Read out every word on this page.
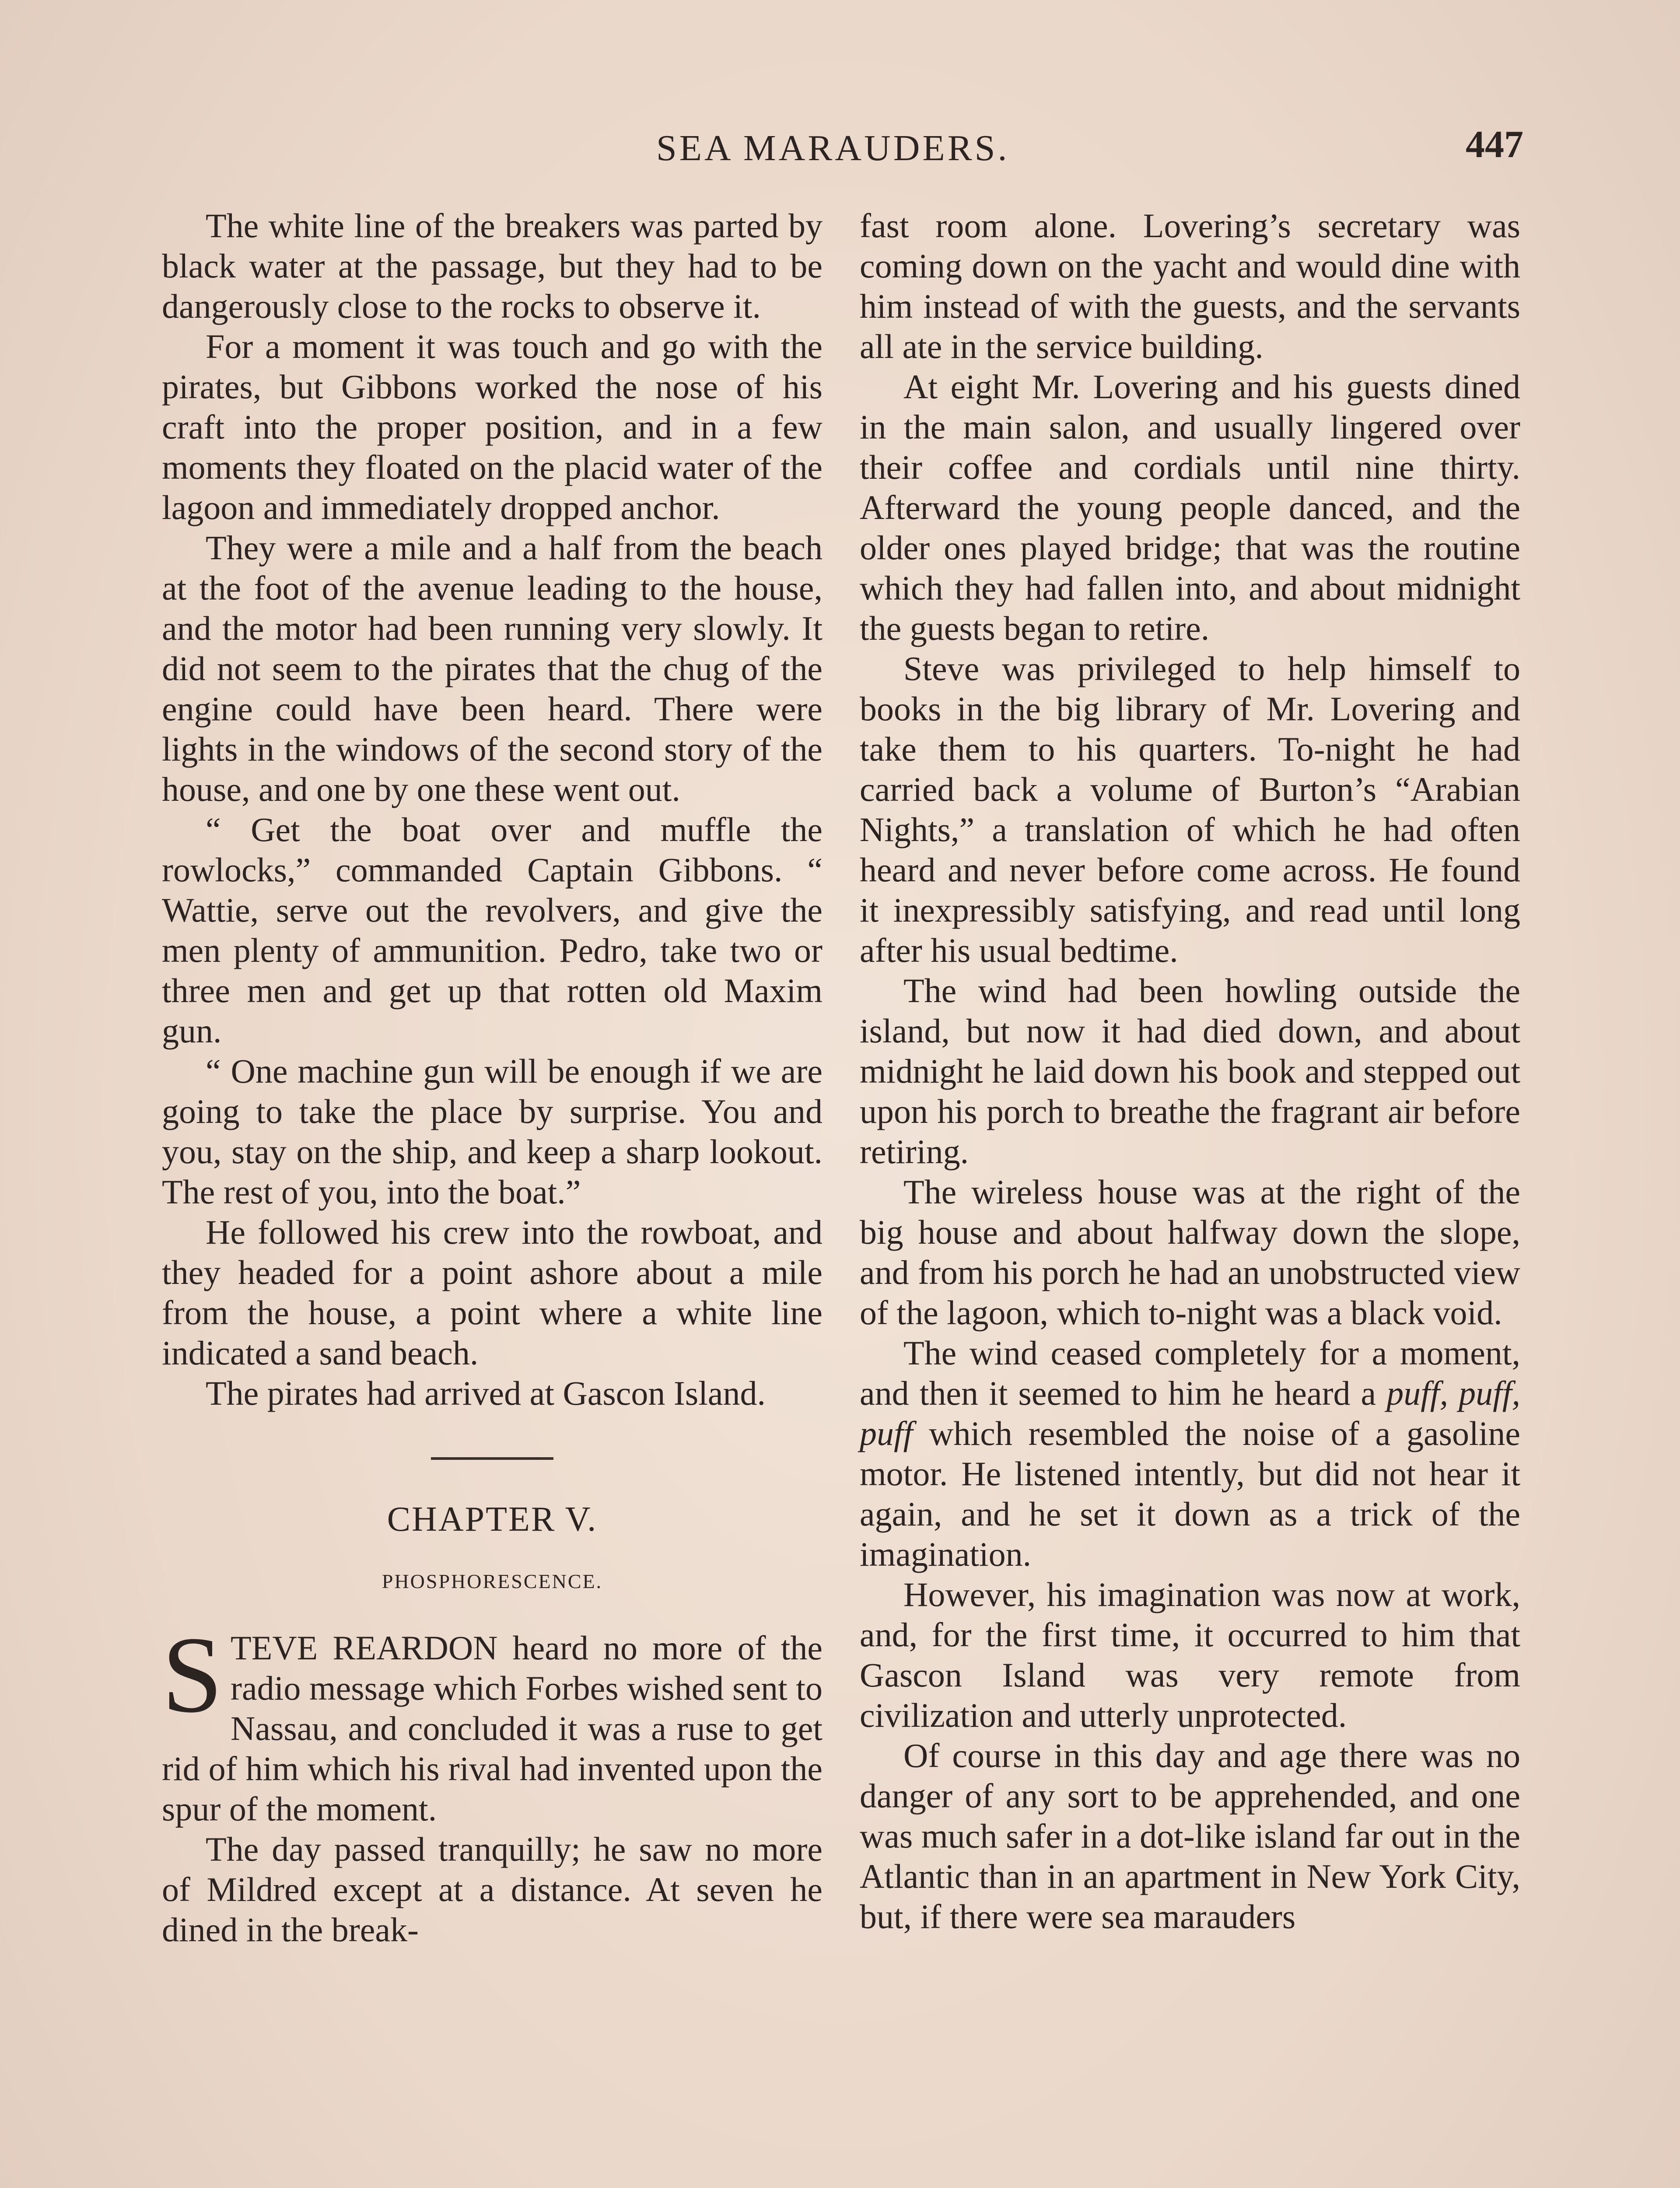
SEA MARAUDERS.	447

The white line of the breakers was parted by black water at the passage, but they had to be dangerously close to the rocks to observe it.

For a moment it was touch and go with the pirates, but Gibbons worked the nose of his craft into the proper position, and in a few moments they floated on the placid water of the lagoon and immediately dropped anchor.

They were a mile and a half from the beach at the foot of the avenue leading to the house, and the motor had been running very slowly. It did not seem to the pirates that the chug of the engine could have been heard. There were lights in the windows of the second story of the house, and one by one these went out.

“ Get the boat over and muffle the rowlocks,” commanded Captain Gibbons. “ Wattie, serve out the revolvers, and give the men plenty of ammunition. Pedro, take two or three men and get up that rotten old Maxim gun.

“ One machine gun will be enough if we are going to take the place by surprise. You and you, stay on the ship, and keep a sharp lookout. The rest of you, into the boat.”

He followed his crew into the rowboat, and they headed for a point ashore about a mile from the house, a point where a white line indicated a sand beach.

The pirates had arrived at Gascon Island.

CHAPTER V.
PHOSPHORESCENCE.

STEVE REARDON heard no more of the radio message which Forbes wished sent to Nassau, and concluded it was a ruse to get rid of him which his rival had invented upon the spur of the moment.

The day passed tranquilly; he saw no more of Mildred except at a distance. At seven he dined in the break-

fast room alone. Lovering’s secretary was coming down on the yacht and would dine with him instead of with the guests, and the servants all ate in the service building.

At eight Mr. Lovering and his guests dined in the main salon, and usually lingered over their coffee and cordials until nine thirty. Afterward the young people danced, and the older ones played bridge; that was the routine which they had fallen into, and about midnight the guests began to retire.

Steve was privileged to help himself to books in the big library of Mr. Lovering and take them to his quarters. To-night he had carried back a volume of Burton’s “Arabian Nights,” a translation of which he had often heard and never before come across. He found it inexpressibly satisfying, and read until long after his usual bedtime.

The wind had been howling outside the island, but now it had died down, and about midnight he laid down his book and stepped out upon his porch to breathe the fragrant air before retiring.

The wireless house was at the right of the big house and about halfway down the slope, and from his porch he had an unobstructed view of the lagoon, which to-night was a black void.

The wind ceased completely for a moment, and then it seemed to him he heard a puff, puff, puff which resembled the noise of a gasoline motor. He listened intently, but did not hear it again, and he set it down as a trick of the imagination.

However, his imagination was now at work, and, for the first time, it occurred to him that Gascon Island was very remote from civilization and utterly unprotected.

Of course in this day and age there was no danger of any sort to be apprehended, and one was much safer in a dot-like island far out in the Atlantic than in an apartment in New York City, but, if there were sea marauders
